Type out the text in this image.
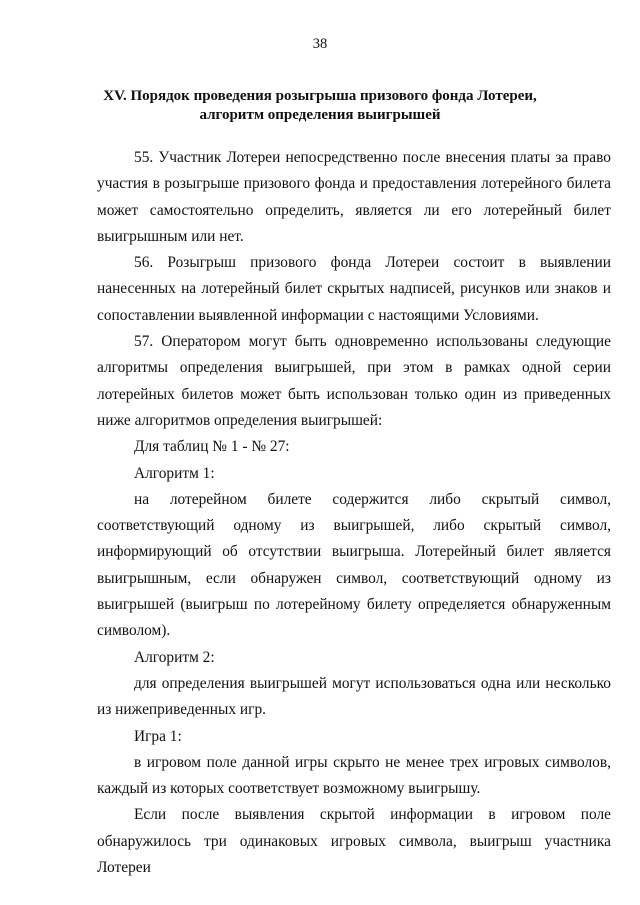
38
XV. Порядок проведения розыгрыша призового фонда Лотереи,
алгоритм определения выигрышей

55. Участник Лотереи непосредственно после внесения платы за право участия в розыгрыше призового фонда и предоставления лотерейного билета может самостоятельно определить, является ли его лотерейный билет выигрышным или нет.

56. Розыгрыш призового фонда Лотереи состоит в выявлении нанесенных на лотерейный билет скрытых надписей, рисунков или знаков и сопоставлении выявленной информации с настоящими Условиями.

57. Оператором могут быть одновременно использованы следующие алгоритмы определения выигрышей, при этом в рамках одной серии лотерейных билетов может быть использован только один из приведенных ниже алгоритмов определения выигрышей:

Для таблиц № 1 - № 27:

Алгоритм 1:

на лотерейном билете содержится либо скрытый символ, соответствующий одному из выигрышей, либо скрытый символ, информирующий об отсутствии выигрыша. Лотерейный билет является выигрышным, если обнаружен символ, соответствующий одному из выигрышей (выигрыш по лотерейному билету определяется обнаруженным символом).

Алгоритм 2:

для определения выигрышей могут использоваться одна или несколько из нижеприведенных игр.

Игра 1:

в игровом поле данной игры скрыто не менее трех игровых символов, каждый из которых соответствует возможному выигрышу.

Если после выявления скрытой информации в игровом поле обнаружилось три одинаковых игровых символа, выигрыш участника Лотереи
